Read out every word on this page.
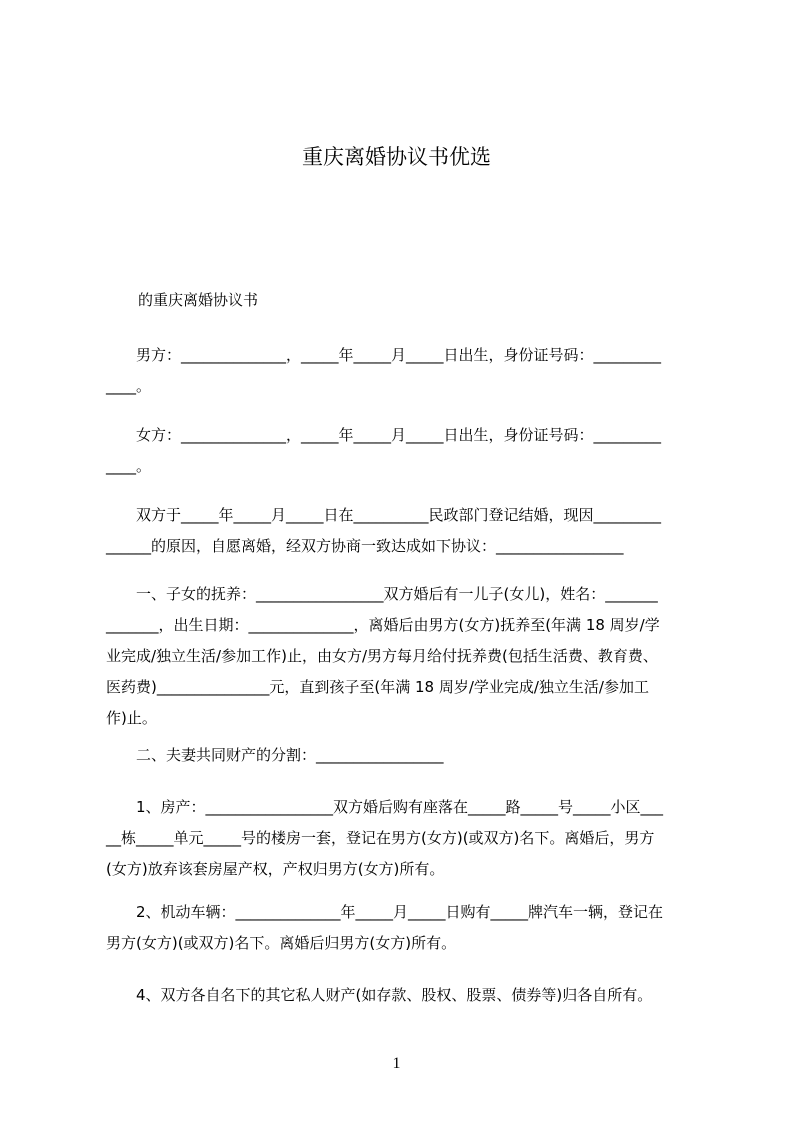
重庆离婚协议书优选
的重庆离婚协议书
男方：______________，_____年_____月_____日出生，身份证号码：_________
____。
女方：______________，_____年_____月_____日出生，身份证号码：_________
____。
双方于_____年_____月_____日在__________民政部门登记结婚，现因_________
______的原因，自愿离婚，经双方协商一致达成如下协议：_________________
一、子女的抚养：_________________双方婚后有一儿子(女儿)，姓名：_______
_______，出生日期：______________，离婚后由男方(女方)抚养至(年满 18 周岁/学
业完成/独立生活/参加工作)止，由女方/男方每月给付抚养费(包括生活费、教育费、
医药费)_______________元，直到孩子至(年满 18 周岁/学业完成/独立生活/参加工
作)止。
二、夫妻共同财产的分割：_________________
1、房产：_________________双方婚后购有座落在_____路_____号_____小区___
__栋_____单元_____号的楼房一套，登记在男方(女方)(或双方)名下。离婚后，男方
(女方)放弃该套房屋产权，产权归男方(女方)所有。
2、机动车辆：______________年_____月_____日购有_____牌汽车一辆，登记在
男方(女方)(或双方)名下。离婚后归男方(女方)所有。
4、双方各自名下的其它私人财产(如存款、股权、股票、债券等)归各自所有。
1
